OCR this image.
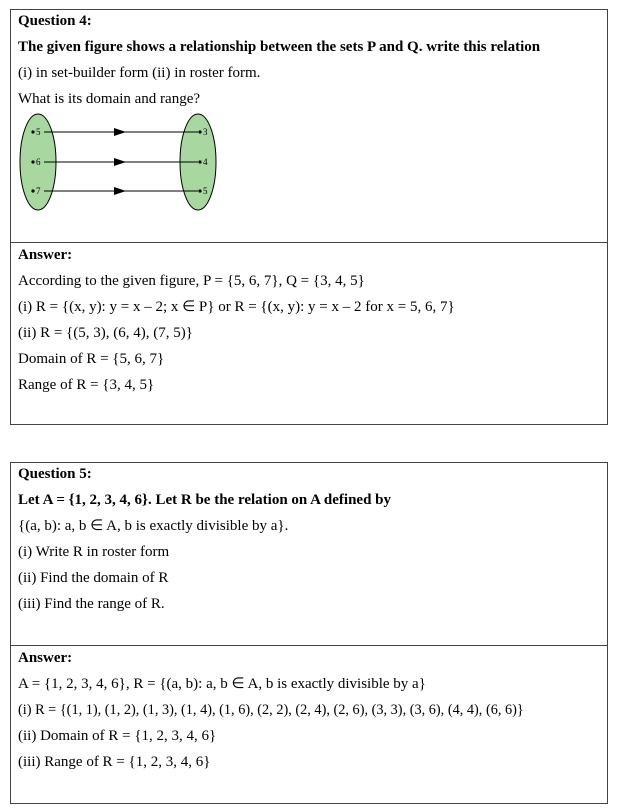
Question 4:
The given figure shows a relationship between the sets P and Q. write this relation
(i) in set-builder form (ii) in roster form.
What is its domain and range?
5
6
7
3
4
5
Answer:
According to the given figure, P = {5, 6, 7}, Q = {3, 4, 5}
(i) R = {(x, y): y = x – 2; x ∈ P} or R = {(x, y): y = x – 2 for x = 5, 6, 7}
(ii) R = {(5, 3), (6, 4), (7, 5)}
Domain of R = {5, 6, 7}
Range of R = {3, 4, 5}
Question 5:
Let A = {1, 2, 3, 4, 6}. Let R be the relation on A defined by
{(a, b): a, b ∈ A, b is exactly divisible by a}.
(i) Write R in roster form
(ii) Find the domain of R
(iii) Find the range of R.
Answer:
A = {1, 2, 3, 4, 6}, R = {(a, b): a, b ∈ A, b is exactly divisible by a}
(i) R = {(1, 1), (1, 2), (1, 3), (1, 4), (1, 6), (2, 2), (2, 4), (2, 6), (3, 3), (3, 6), (4, 4), (6, 6)}
(ii) Domain of R = {1, 2, 3, 4, 6}
(iii) Range of R = {1, 2, 3, 4, 6}
